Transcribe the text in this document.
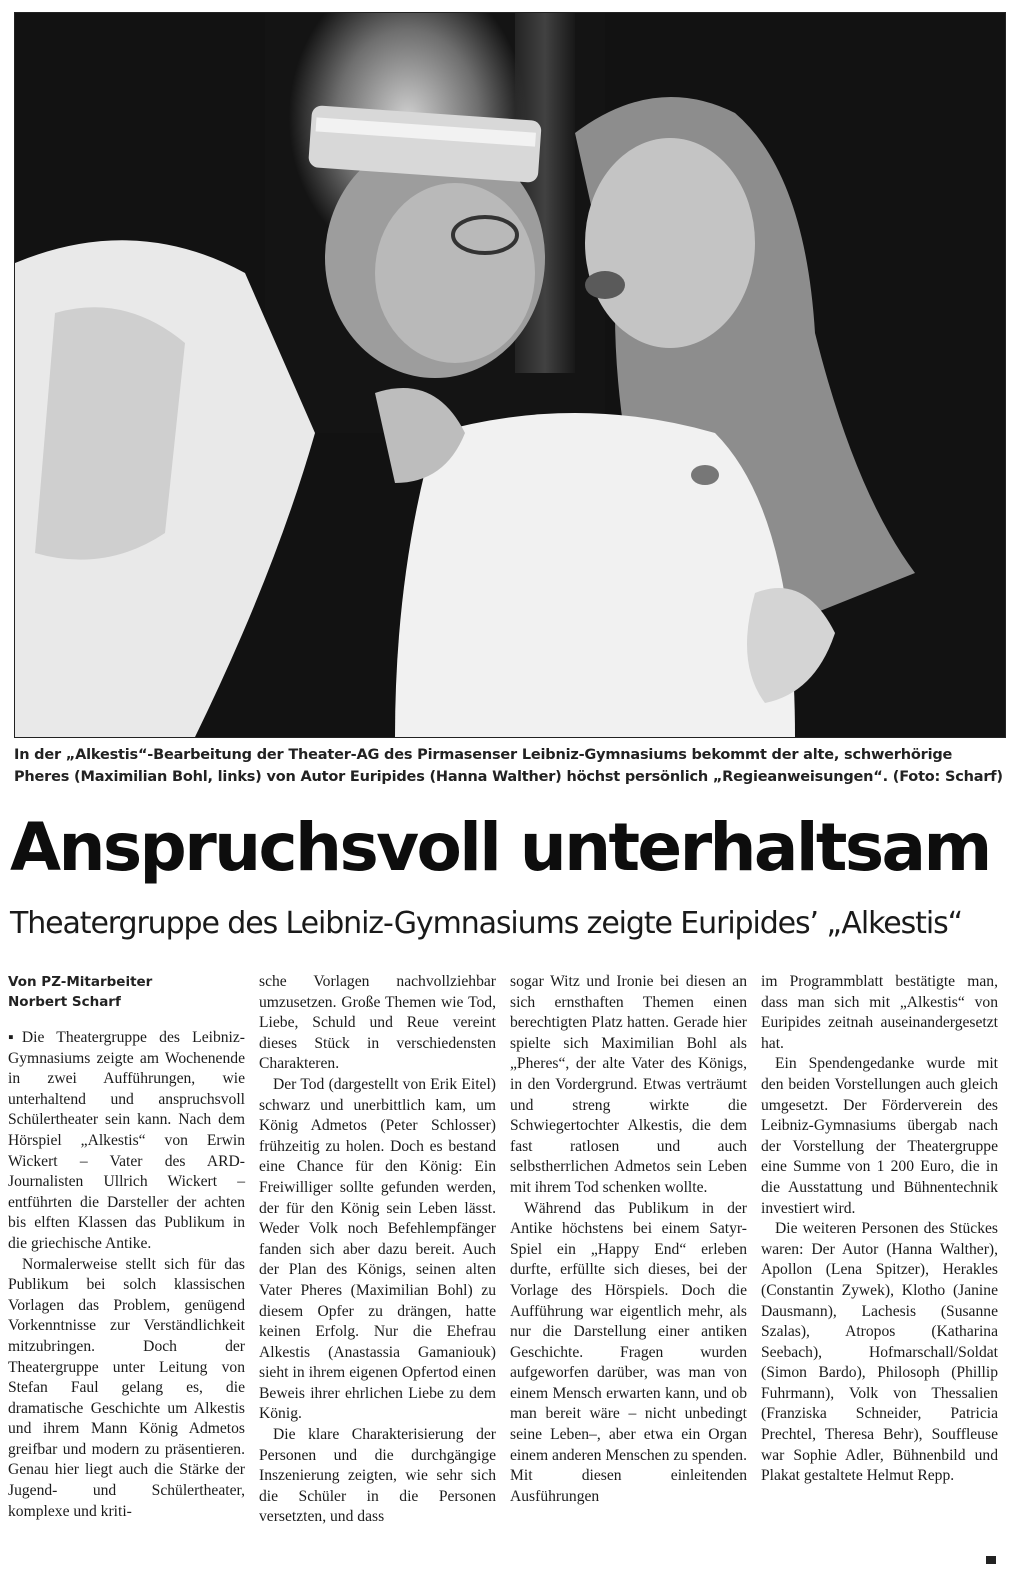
In der „Alkestis“-Bearbeitung der Theater-AG des Pirmasenser Leibniz-Gymnasiums bekommt der alte, schwerhörige Pheres (Maximilian Bohl, links) von Autor Euripides (Hanna Walther) höchst persönlich „Regieanweisungen“. (Foto: Scharf)
Anspruchsvoll unterhaltsam
Theatergruppe des Leibniz-Gymnasiums zeigte Euripides’ „Alkestis“
Von PZ-Mitarbeiter
Norbert Scharf

▪Die Theatergruppe des Leibniz-Gymnasiums zeigte am Wochenende in zwei Aufführungen, wie unterhaltend und anspruchsvoll Schülertheater sein kann. Nach dem Hörspiel „Alkestis“ von Erwin Wickert – Vater des ARD-Journalisten Ullrich Wickert – entführten die Darsteller der achten bis elften Klassen das Publikum in die griechische Antike.

Normalerweise stellt sich für das Publikum bei solch klassischen Vorlagen das Problem, genügend Vorkenntnisse zur Verständlichkeit mitzubringen. Doch der Theatergruppe unter Leitung von Stefan Faul gelang es, die dramatische Geschichte um Alkestis und ihrem Mann König Admetos greifbar und modern zu präsentieren. Genau hier liegt auch die Stärke der Jugend- und Schülertheater, komplexe und kriti-

sche Vorlagen nachvollziehbar umzusetzen. Große Themen wie Tod, Liebe, Schuld und Reue vereint dieses Stück in verschiedensten Charakteren.

Der Tod (dargestellt von Erik Eitel) schwarz und unerbittlich kam, um König Admetos (Peter Schlosser) frühzeitig zu holen. Doch es bestand eine Chance für den König: Ein Freiwilliger sollte gefunden werden, der für den König sein Leben lässt. Weder Volk noch Befehlempfänger fanden sich aber dazu bereit. Auch der Plan des Königs, seinen alten Vater Pheres (Maximilian Bohl) zu diesem Opfer zu drängen, hatte keinen Erfolg. Nur die Ehefrau Alkestis (Anastassia Gamaniouk) sieht in ihrem eigenen Opfertod einen Beweis ihrer ehrlichen Liebe zu dem König.

Die klare Charakterisierung der Personen und die durchgängige Inszenierung zeigten, wie sehr sich die Schüler in die Personen versetzten, und dass

sogar Witz und Ironie bei diesen an sich ernsthaften Themen einen berechtigten Platz hatten. Gerade hier spielte sich Maximilian Bohl als „Pheres“, der alte Vater des Königs, in den Vordergrund. Etwas verträumt und streng wirkte die Schwiegertochter Alkestis, die dem fast ratlosen und auch selbstherrlichen Admetos sein Leben mit ihrem Tod schenken wollte.

Während das Publikum in der Antike höchstens bei einem Satyr-Spiel ein „Happy End“ erleben durfte, erfüllte sich dieses, bei der Vorlage des Hörspiels. Doch die Aufführung war eigentlich mehr, als nur die Darstellung einer antiken Geschichte. Fragen wurden aufgeworfen darüber, was man von einem Mensch erwarten kann, und ob man bereit wäre – nicht unbedingt seine Leben–, aber etwa ein Organ einem anderen Menschen zu spenden. Mit diesen einleitenden Ausführungen

im Programmblatt bestätigte man, dass man sich mit „Alkestis“ von Euripides zeitnah auseinandergesetzt hat.

Ein Spendengedanke wurde mit den beiden Vorstellungen auch gleich umgesetzt. Der Förderverein des Leibniz-Gymnasiums übergab nach der Vorstellung der Theatergruppe eine Summe von 1 200 Euro, die in die Ausstattung und Bühnentechnik investiert wird.

Die weiteren Personen des Stückes waren: Der Autor (Hanna Walther), Apollon (Lena Spitzer), Herakles (Constantin Zywek), Klotho (Janine Dausmann), Lachesis (Susanne Szalas), Atropos (Katharina Seebach), Hofmarschall/Soldat (Simon Bardo), Philosoph (Phillip Fuhrmann), Volk von Thessalien (Franziska Schneider, Patricia Prechtel, Theresa Behr), Souffleuse war Sophie Adler, Bühnenbild und Plakat gestaltete Helmut Repp.
